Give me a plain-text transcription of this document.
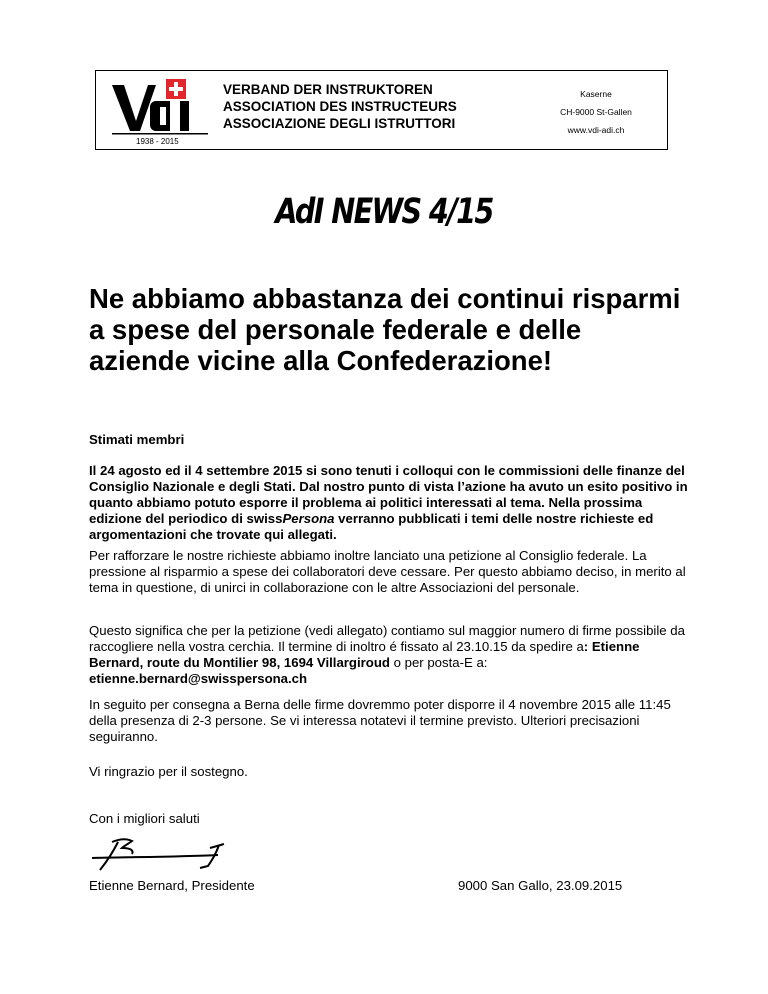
1938 - 2015
VERBAND DER INSTRUKTOREN
ASSOCIATION DES INSTRUCTEURS
ASSOCIAZIONE DEGLI ISTRUTTORI
Kaserne
CH-9000 St-Gallen
www.vdi-adi.ch
AdI NEWS 4/15
Ne abbiamo abbastanza dei continui risparmi a spese del personale federale e delle aziende vicine alla Confederazione!
Stimati membri
Il 24 agosto ed il 4 settembre 2015 si sono tenuti i colloqui con le commissioni delle finanze del Consiglio Nazionale e degli Stati. Dal nostro punto di vista l’azione ha avuto un esito positivo in quanto abbiamo potuto esporre il problema ai politici interessati al tema. Nella prossima edizione del periodico di swissPersona verranno pubblicati i temi delle nostre richieste ed argomentazioni che trovate qui allegati.
Per rafforzare le nostre richieste abbiamo inoltre lanciato una petizione al Consiglio federale. La pressione al risparmio a spese dei collaboratori deve cessare. Per questo abbiamo deciso, in merito al tema in questione, di unirci in collaborazione con le altre Associazioni del personale.
Questo significa che per la petizione (vedi allegato) contiamo sul maggior numero di firme possibile da raccogliere nella vostra cerchia. Il termine di inoltro é fissato al 23.10.15 da spedire a: Etienne Bernard, route du Montilier 98, 1694 Villargiroud o per posta-E a: etienne.bernard@swisspersona.ch
In seguito per consegna a Berna delle firme dovremmo poter disporre il 4 novembre 2015 alle 11:45 della presenza di 2-3 persone. Se vi interessa notatevi il termine previsto. Ulteriori precisazioni seguiranno.
Vi ringrazio per il sostegno.
Con i migliori saluti
Etienne Bernard, Presidente	9000 San Gallo, 23.09.2015
